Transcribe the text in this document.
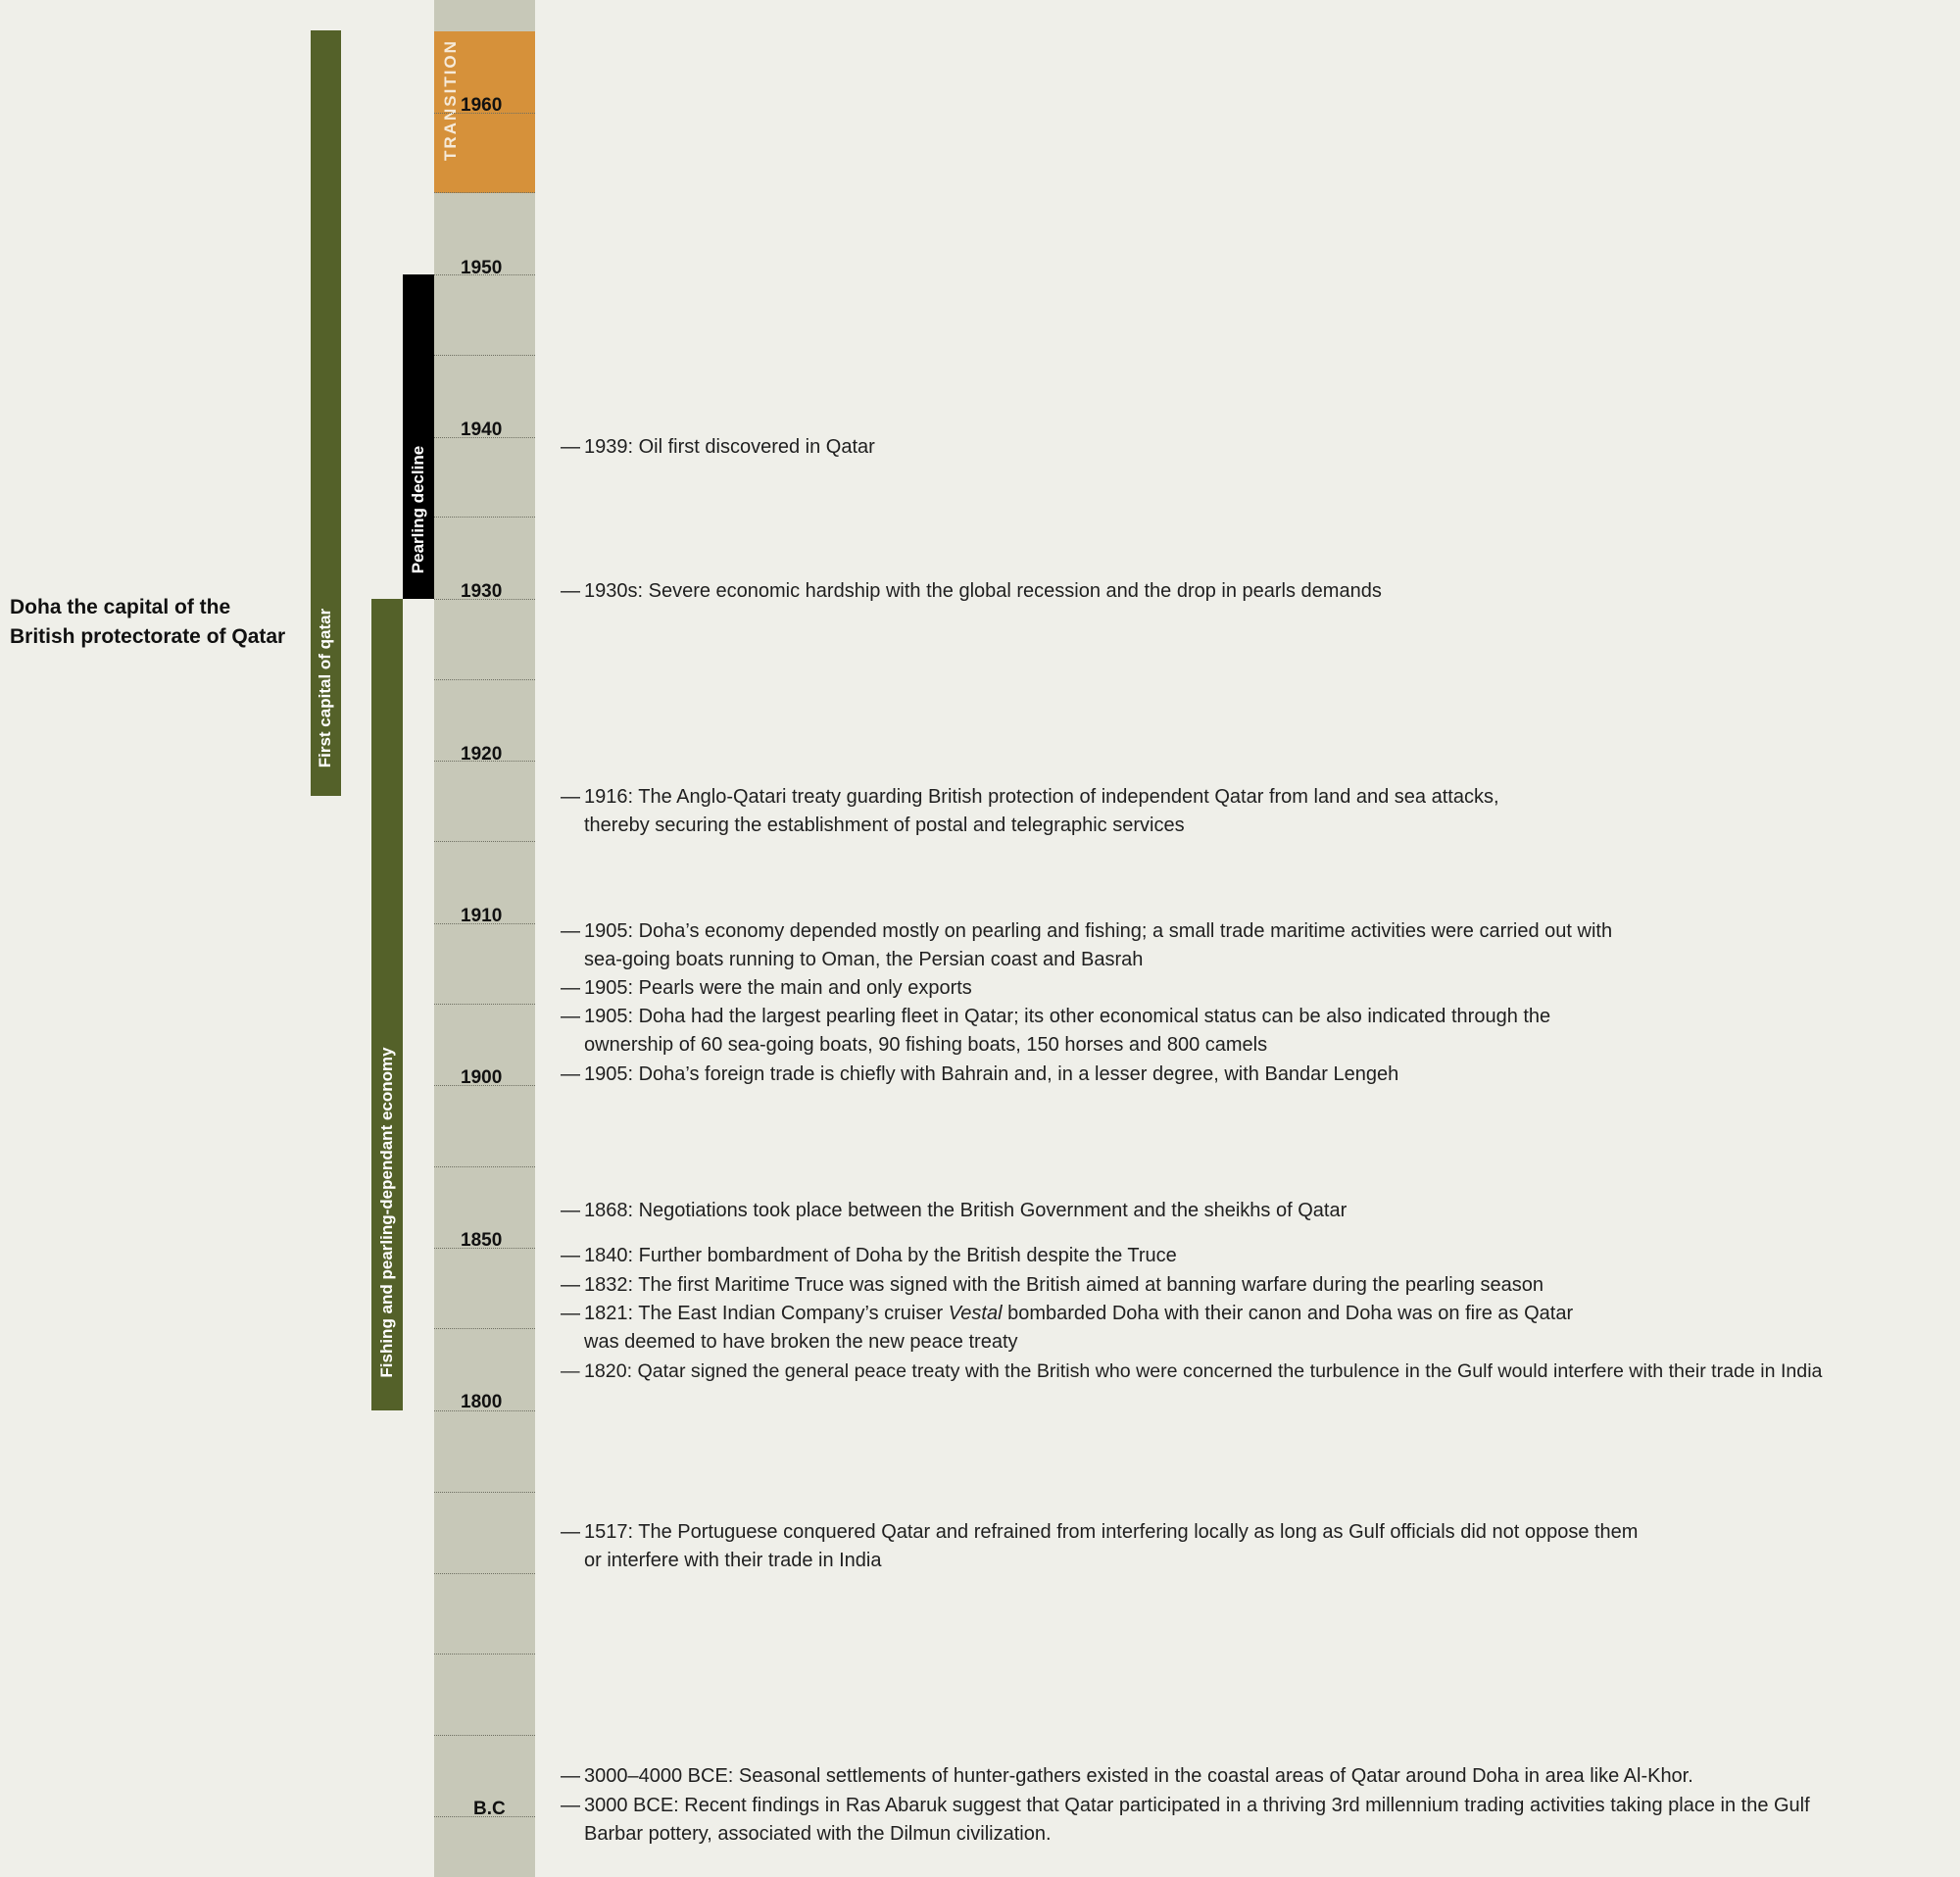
Doha the capital of the
British protectorate of Qatar	First capital of qatar
Pearling decline
Fishing and pearling-dependant economy
TRANSITION 1960
1950
1940
1930
1920
1910
1900
1850
1800
B.C
— 1939: Oil first discovered in Qatar
— 1930s: Severe economic hardship with the global recession and the drop in pearls demands
— 1916: The Anglo-Qatari treaty guarding British protection of independent Qatar from land and sea attacks,
thereby securing the establishment of postal and telegraphic services
— 1905: Doha’s economy depended mostly on pearling and fishing; a small trade maritime activities were carried out with
sea-going boats running to Oman, the Persian coast and Basrah
— 1905: Pearls were the main and only exports
— 1905: Doha had the largest pearling fleet in Qatar; its other economical status can be also indicated through the
ownership of 60 sea-going boats, 90 fishing boats, 150 horses and 800 camels
— 1905: Doha’s foreign trade is chiefly with Bahrain and, in a lesser degree, with Bandar Lengeh
— 1868: Negotiations took place between the British Government and the sheikhs of Qatar
— 1840: Further bombardment of Doha by the British despite the Truce
— 1832: The first Maritime Truce was signed with the British aimed at banning warfare during the pearling season
— 1821: The East Indian Company’s cruiser Vestal bombarded Doha with their canon and Doha was on fire as Qatar
was deemed to have broken the new peace treaty
— 1820: Qatar signed the general peace treaty with the British who were concerned the turbulence in the Gulf would interfere with their trade in India
— 1517: The Portuguese conquered Qatar and refrained from interfering locally as long as Gulf officials did not oppose them
or interfere with their trade in India
— 3000–4000 BCE: Seasonal settlements of hunter-gathers existed in the coastal areas of Qatar around Doha in area like Al-Khor.
— 3000 BCE: Recent findings in Ras Abaruk suggest that Qatar participated in a thriving 3rd millennium trading activities taking place in the Gulf
Barbar pottery, associated with the Dilmun civilization.
